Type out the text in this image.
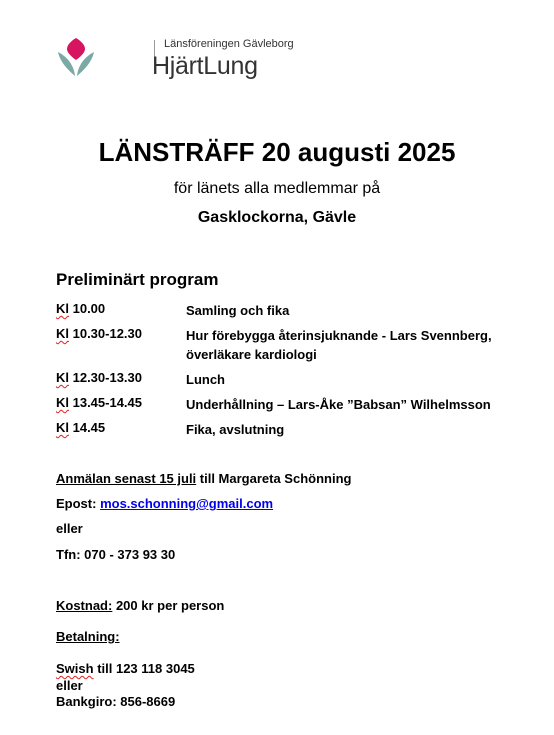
Länsföreningen Gävleborg
HjärtLung
LÄNSTRÄFF 20 augusti 2025
för länets alla medlemmar på
Gasklockorna, Gävle
Preliminärt program
Kl 10.00	Samling och fika
Kl 10.30-12.30	Hur förebygga återinsjuknande - Lars Svennberg, överläkare kardiologi
Kl 12.30-13.30	Lunch
Kl 13.45-14.45	Underhållning – Lars-Åke ”Babsan” Wilhelmsson
Kl 14.45	Fika, avslutning
Anmälan senast 15 juli till Margareta Schönning
Epost: mos.schonning@gmail.com
eller
Tfn: 070 - 373 93 30
Kostnad: 200 kr per person
Betalning:
Swish till 123 118 3045
eller
Bankgiro: 856-8669
